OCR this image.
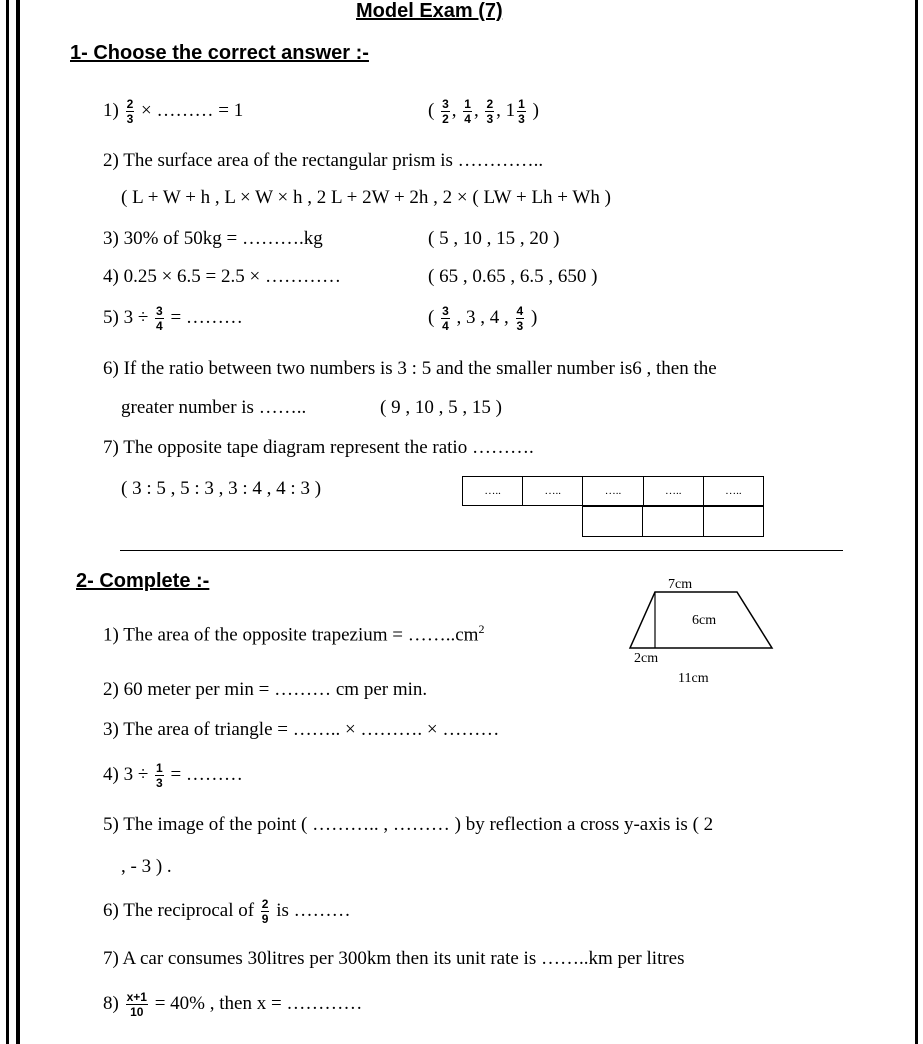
Model Exam (7)
1- Choose the correct answer :-
$1) \frac{2}{3}$ × ……… = 1	( $\frac{3}{2}$ , $\frac{1}{4}$ , $\frac{2}{3}$ , $1 \frac{1}{3}$ )
2) The surface area of the rectangular prism is …………..
( L + W + h , L × W × h , 2 L + 2W + 2h , 2 × ( LW + Lh + Wh )
3) 30% of 50kg = ……….kg	( 5 , 10 , 15 , 20 )
4) 0.25 × 6.5 = 2.5 × …………	( 65 , 0.65 , 6.5 , 650 )
5) $3 \div \frac{3}{4}$ = ………	( $\frac{3}{4}$ , 3 , 4 , $\frac{4}{3}$ )
6) If the ratio between two numbers is 3 : 5 and the smaller number is6 , then the
greater number is ……..	( 9 , 10 , 5 , 15 )
7) The opposite tape diagram represent the ratio ……….
( 3 : 5 , 5 : 3 , 3 : 4 , 4 : 3 )	…..	…..	…..	…..	…..
2- Complete :-
1) The area of the opposite trapezium = $\dots\dots..cm^2$
7cm
6cm
2cm
11cm
2) 60 meter per min = ……… cm per min.
3) The area of triangle = …….. × ………. × ………
4) $3 \div \frac{1}{3}$ = ………
5) The image of the point ( ……….. , ……… ) by reflection a cross y-axis is ( 2
, - 3 ) .
6) The reciprocal of $\frac{2}{9}$ is ………
7) A car consumes 30litres per 300km then its unit rate is ……..km per litres
$8) \frac{x+1}{10} = 40\%$ , then x = …………
